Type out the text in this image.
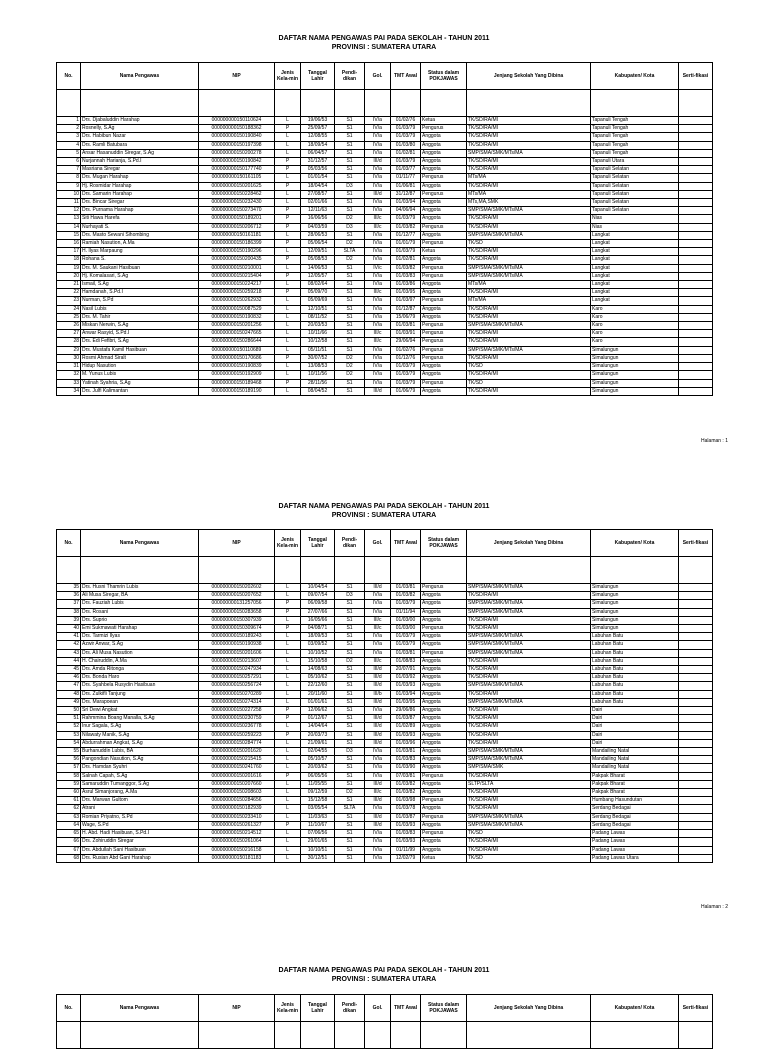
DAFTAR NAMA PENGAWAS PAI PADA SEKOLAH - TAHUN 2011
PROVINSI : SUMATERA UTARA
No.	Nama Pengawas	NIP	Jenis Kela-min	Tanggal Lahir	Pendi-dikan	Gol.	TMT Awal	Status dalam POKJAWAS	Jenjang Sekolah Yang Dibina	Kabupaten/ Kota	Serti-fikasi

1	Drs. Djabaluddin Harahap	000000000150110624	L	19/06/53	S1	IV/a	01/02/76	Ketua	TK/SD/RA/MI	Tapanuli Tengah	
2	Rosnelly, S.Ag	000000000150188362	P	25/09/57	S1	IV/a	01/03/79	Pengurus	TK/SD/RA/MI	Tapanuli Tengah	
3	Drs. Habibun Nazar	000000000150190840	L	12/08/55	S1	IV/a	01/03/79	Anggota	TK/SD/RA/MI	Tapanuli Tengah	
4	Drs. Ramli Batubara	000000000150197398	L	18/09/54	S1	IV/a	01/03/80	Anggota	TK/SD/RA/MI	Tapanuli Tengah	
5	Ansar Hasanuddin Siregar, S.Ag	000000000150200278	L	06/04/57	S1	IV/a	01/02/81	Anggota	SMP/SMA/SMK/MTs/MA	Tapanuli Tengah	
6	Nurjannah Harianja, S.Pd.I	000000000150190842	P	31/12/57	S1	III/d	01/03/79	Anggota	TK/SD/RA/MI	Tapanuli Utara	
7	Masriana Siregar	000000000150177740	P	05/03/56	S1	IV/a	01/03/77	Anggota	TK/SD/RA/MI	Tapanuli Selatan	
8	Drs. Mugan Harahap	000000000150161105	L	01/01/54	S1	IV/a	01/11/77	Pengurus	MTs/MA	Tapanuli Selatan	
9	Hj. Rosmidar Harahap	000000000150201625	P	18/04/54	D3	IV/a	01/06/81	Anggota	TK/SD/RA/MI	Tapanuli Selatan	
10	Drs. Samarin Harahap	000000000150228462	L	27/08/57	S1	III/d	31/12/87	Pengurus	MTs/MA	Tapanuli Selatan	
11	Drs. Bincar Siregar	000000000150232430	L	02/01/66	S1	IV/a	01/03/94	Anggota	MTs,MA,SMK	Tapanuli Selatan	
12	Drs. Purnama Harahap	000000000150273470	P	12/11/63	S1	IV/a	04/06/94	Anggota	SMP/SMA/SMK/MTs/MA	Tapanuli Selatan	
13	Siti Hawa Harefa	000000000150189201	P	16/06/56	D2	III/c	01/03/79	Anggota	TK/SD/RA/MI	Nias	
14	Nurhayati S.	000000000150206712	P	04/03/59	D3	III/c	01/03/82	Pengurus	TK/SD/RA/MI	Nias	
15	Drs. Masto Sewani Sihombing	000000000150161181	L	28/06/53	S1	IV/a	01/12/77	Anggota	SMP/SMA/SMK/MTs/MA	Langkat	
16	Ramiah Nasution, A.Ma	000000000150186399	P	05/06/54	D2	IV/a	01/01/79	Pengurus	TK/SD	Langkat	
17	H. Ilyas Marpaung	000000000150190296	L	12/09/51	SLTA	IV/a	01/03/79	Ketua	TK/SD/RA/MI	Langkat	
18	Rohana S.	000000000150200435	P	05/08/53	D2	IV/a	01/02/81	Anggota	TK/SD/RA/MI	Langkat	
19	Drs. M. Saukani Hasibuan	000000000150210001	L	14/06/53	S1	IV/c	01/03/82	Pengurus	SMP/SMA/SMK/MTs/MA	Langkat	
20	Hj. Komalasari, S.Ag	000000000150215404	P	12/05/57	S1	IV/a	01/03/83	Pengurus	SMP/SMA/SMK/MTs/MA	Langkat	
21	Ismail, S.Ag	000000000150224217	L	08/02/64	S1	IV/a	01/03/86	Anggota	MTs/MA	Langkat	
22	Hamdanah, S.Pd.I	000000000150259218	P	05/09/70	S1	III/c	01/03/95	Anggota	TK/SD/RA/MI	Langkat	
23	Nurman, S.Pd	000000000150262932	L	05/09/69	S1	IV/a	01/03/97	Pengurus	MTs/MA	Langkat	
24	Nasil Lubis	000000000150087529	L	12/10/51	S1	IV/a	01/12/87	Anggota	TK/SD/RA/MI	Karo	
25	Drs. M. Tahir	000000000150190832	L	08/11/52	S1	IV/a	15/06/79	Anggota	TK/SD/RA/MI	Karo	
26	Miskan Nerwin, S.Ag	000000000150201256	L	20/03/53	S1	IV/a	01/03/81	Pengurus	SMP/SMA/SMK/MTs/MA	Karo	
27	Anwar Rasyid, S.Pd.I	000000000150247665	L	10/11/66	S1	III/c	01/03/91	Pengurus	TK/SD/RA/MI	Karo	
28	Drs. Edi Fefibri, S.Ag	000000000150286644	L	10/12/58	S1	III/c	29/06/94	Pengurus	TK/SD/RA/MI	Karo	
29	Drs. Mustafa Kamil Hasibuan	000000000150110689	L	05/11/51	S1	IV/a	01/02/76	Pengurus	SMP/SMA/SMK/MTs/MA	Simalungun	
30	Rosmi Ahmad Siralt	000000000150170686	P	30/07/52	D2	IV/a	01/12/76	Pengurus	TK/SD/RA/MI	Simalungun	
31	Hidup Nasution	000000000150190839	L	13/08/53	D2	IV/a	01/03/79	Anggota	TK/SD	Simalungun	
32	M. Yunus Lubis	000000000150192909	L	10/11/56	D2	IV/a	01/03/79	Anggota	TK/SD/RA/MI	Simalungun	
33	Yatinah Syahria, S.Ag	000000000150189468	P	28/11/56	S1	IV/a	01/03/79	Pengurus	TK/SD	Simalungun	
34	Drs. Julfi Kalimantan	000000000150189190	L	08/04/52	S1	III/d	01/06/79	Anggota	TK/SD/RA/MI	Simalungun	
Halaman : 1
DAFTAR NAMA PENGAWAS PAI PADA SEKOLAH - TAHUN 2011
PROVINSI : SUMATERA UTARA
No.	Nama Pengawas	NIP	Jenis Kela-min	Tanggal Lahir	Pendi-dikan	Gol.	TMT Awal	Status dalam POKJAWAS	Jenjang Sekolah Yang Dibina	Kabupaten/ Kota	Serti-fikasi

35	Drs. Husni Thamrin Lubis	000000000150202602	L	10/04/54	S1	III/d	01/03/81	Pengurus	SMP/SMA/SMK/MTs/MA	Simalungun	
36	Ali Musa Siregar, BA	000000000150207652	L	09/07/54	D3	IV/a	01/03/82	Anggota	TK/SD/RA/MI	Simalungun	
37	Drs. Fauziah Lubis	000000000131257056	P	06/09/58	S1	IV/a	01/03/79	Anggota	SMP/SMA/SMK/MTs/MA	Simalungun	
38	Drs. Rosani	000000000150283658	P	27/07/66	S1	IV/a	01/11/94	Anggota	SMP/SMA/SMK/MTs/MA	Simalungun	
39	Drs. Suprio	000000000150307939	L	16/05/66	S1	III/c	01/03/00	Anggota	TK/SD/RA/MI	Simalungun	
40	Emi Sukmawati Harahap	000000000150309674	P	04/08/71	S1	III/c	01/03/00	Pengurus	TK/SD/RA/MI	Simalungun	
41	Drs. Tarmizi Ilyas	000000000150189243	L	18/09/53	S1	IV/a	01/03/79	Anggota	SMP/SMA/SMK/MTs/MA	Labuhan Batu	
42	Azwir Anwar, S.Ag	000000000150190938	L	03/09/52	S1	IV/a	01/03/79	Anggota	SMP/SMA/SMK/MTs/MA	Labuhan Batu	
43	Drs. Ali Musa Nasution	000000000150201606	L	10/10/52	S1	IV/a	01/03/81	Pengurus	SMP/SMA/SMK/MTs/MA	Labuhan Batu	
44	H. Chairuddin, A.Ma	000000000150213607	L	15/10/58	D2	III/c	01/08/83	Anggota	TK/SD/RA/MI	Labuhan Batu	
45	Drs. Amda Ritonga	000000000150247934	L	14/08/63	S1	III/d	20/07/91	Anggota	TK/SD/RA/MI	Labuhan Batu	
46	Drs. Bonda Haro	000000000150257291	L	05/10/62	S1	III/d	01/03/92	Anggota	TK/SD/RA/MI	Labuhan Batu	
47	Drs. Syahbela Rusydin Hasibuan	000000000150256724	L	22/12/60	S1	III/d	01/03/93	Anggota	SMP/SMA/SMK/MTs/MA	Labuhan Batu	
48	Drs. Zulkifli Tanjung	000000000150270289	L	20/11/60	S1	III/b	01/03/94	Anggota	TK/SD/RA/MI	Labuhan Batu	
49	Drs. Marapoean	000000000150274314	L	01/01/61	S1	III/d	01/03/95	Anggota	SMP/SMA/SMK/MTs/MA	Labuhan Batu	
50	Sri Dewi Angkat	000000000150227258	P	12/06/62	S1	IV/a	29/06/86	Anggota	TK/SD/RA/MI	Dairi	
51	Rahmmina Boang Manalla, S.Ag	000000000150230759	P	01/12/67	S1	III/d	01/03/87	Anggota	TK/SD/RA/MI	Dairi	
52	Inur Sagala, S.Ag	000000000150236778	L	14/04/64	S1	III/d	01/02/89	Anggota	TK/SD/RA/MI	Dairi	
53	Nilawaty Manik, S.Ag	000000000150259223	P	20/03/73	S1	III/d	01/03/93	Anggota	TK/SD/RA/MI	Dairi	
54	Abdurrahman Angkat, S.Ag	000000000150284774	L	21/09/61	S1	III/d	01/03/96	Anggota	TK/SD/RA/MI	Dairi	
55	Burhanuddin Lubis, BA	000000000150201620	L	02/04/55	D3	IV/a	01/03/81	Anggota	SMP/SMA/SMK/MTs/MA	Mandailing Natal	
56	Pangondian Nasution, S.Ag	000000000150215415	L	05/10/57	S1	IV/a	01/03/83	Anggota	SMP/SMA/SMK/MTs/MA	Mandailing Natal	
57	Drs. Hamdan Syuhri	000000000150241760	L	20/03/62	S1	IV/a	01/03/90	Anggota	SMP/SMA/SMK	Mandailing Natal	
58	Salnah Capah, S.Ag	000000000150201616	P	06/05/56	S1	IV/a	07/03/81	Pengurus	TK/SD/RA/MI	Pakpak Bharat	
59	Samaruddin Tumanggor, S.Ag	000000000150207660	L	11/05/55	S1	III/d	01/03/82	Anggota	SLTP/SLTA	Pakpak Bharat	
60	Asrul Simanjorang, A.Ma	000000000150208603	L	09/12/59	D2	III/c	01/03/82	Anggota	TK/SD/RA/MI	Pakpak Bharat	
61	Drs. Marwan Gultom	000000000150284656	L	15/12/58	S1	III/d	01/03/98	Pengurus	TK/SD/RA/MI	Humbang Hasundutan	
62	Atrani	000000000150182939	L	03/05/54	SLTA	IV/a	01/03/78	Anggota	TK/SD/RA/MI	Serdang Bedagai	
63	Romian Priyatno, S.Pd	000000000150233410	L	11/03/63	S1	III/d	01/03/87	Pengurus	SMP/SMA/SMK/MTs/MA	Serdang Bedagai	
64	Wage, S.Pd	000000000150261327	P	11/10/67	S1	III/d	01/03/93	Anggota	SMP/SMA/SMK/MTs/MA	Serdang Bedagai	
65	H. Abd. Hadi Hasibuan, S.Pd.I	000000000150214512	L	07/06/56	S1	IV/a	01/03/83	Pengurus	TK/SD	Padang Lawas	
66	Drs. Zohiruddin Siregar	000000000150261064	L	29/01/65	S1	IV/a	01/03/93	Anggota	TK/SD/RA/MI	Padang Lawas	
67	Drs. Abdullah Sani Hasibuan	000000000150216158	L	10/10/51	S1	IV/a	01/11/99	Anggota	TK/SD/RA/MI	Padang Lawas	
68	Drs. Rusian Abd Gani Harahap	000000000150181183	L	30/12/51	S1	IV/a	12/02/79	Ketua	TK/SD	Padang Lawas Utara	
Halaman : 2
DAFTAR NAMA PENGAWAS PAI PADA SEKOLAH - TAHUN 2011
PROVINSI : SUMATERA UTARA
No.	Nama Pengawas	NIP	Jenis Kela-min	Tanggal Lahir	Pendi-dikan	Gol.	TMT Awal	Status dalam POKJAWAS	Jenjang Sekolah Yang Dibina	Kabupaten/ Kota	Serti-fikasi
